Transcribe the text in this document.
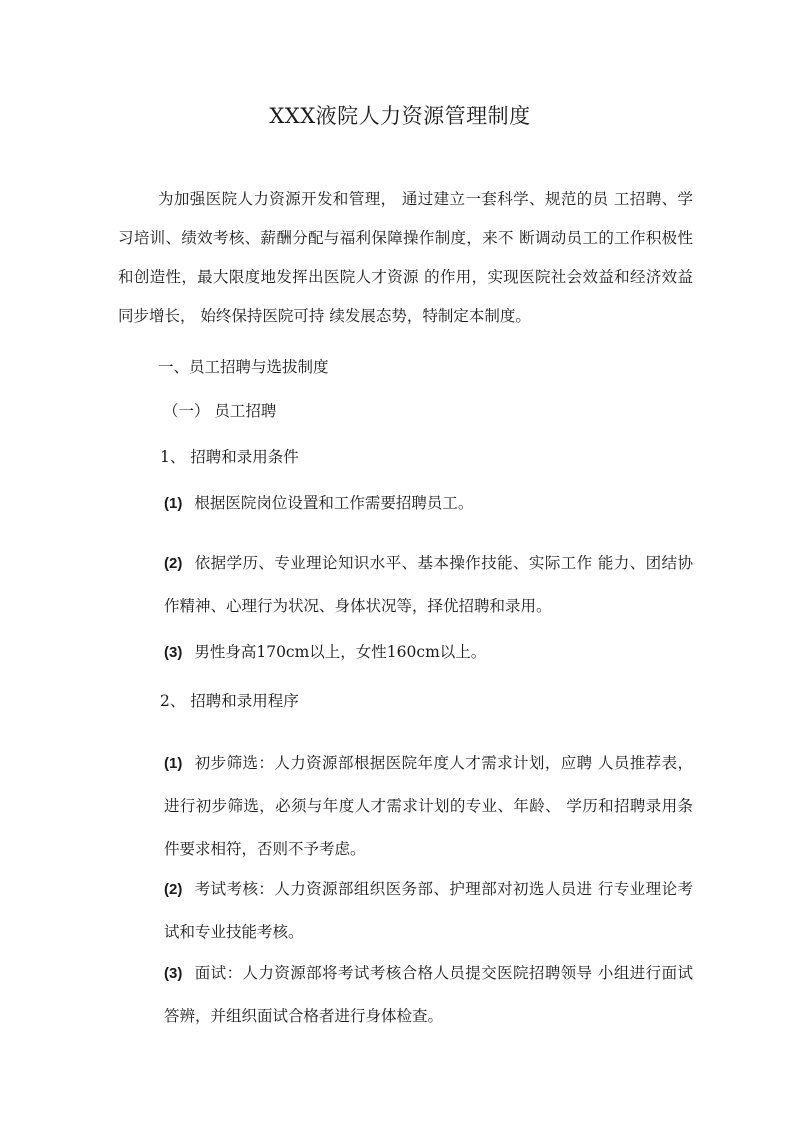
XXX液院人力资源管理制度
为加强医院人力资源开发和管理， 通过建立一套科学、规范的员 工招聘、学习培训、绩效考核、薪酬分配与福利保障操作制度，来不 断调动员工的工作积极性和创造性，最大限度地发挥出医院人才资源 的作用，实现医院社会效益和经济效益同步增长， 始终保持医院可持 续发展态势，特制定本制度。
一、员工招聘与选拔制度
（一） 员工招聘
1、 招聘和录用条件
(1) 根据医院岗位设置和工作需要招聘员工。
(2) 依据学历、专业理论知识水平、基本操作技能、实际工作 能力、团结协作精神、心理行为状况、身体状况等，择优招聘和录用。
(3) 男性身高170cm以上，女性160cm以上。
2、 招聘和录用程序
(1) 初步筛选：人力资源部根据医院年度人才需求计划，应聘 人员推荐表，进行初步筛选，必须与年度人才需求计划的专业、年龄、 学历和招聘录用条件要求相符，否则不予考虑。
(2) 考试考核：人力资源部组织医务部、护理部对初选人员进 行专业理论考试和专业技能考核。
(3) 面试：人力资源部将考试考核合格人员提交医院招聘领导 小组进行面试答辨，并组织面试合格者进行身体检查。
